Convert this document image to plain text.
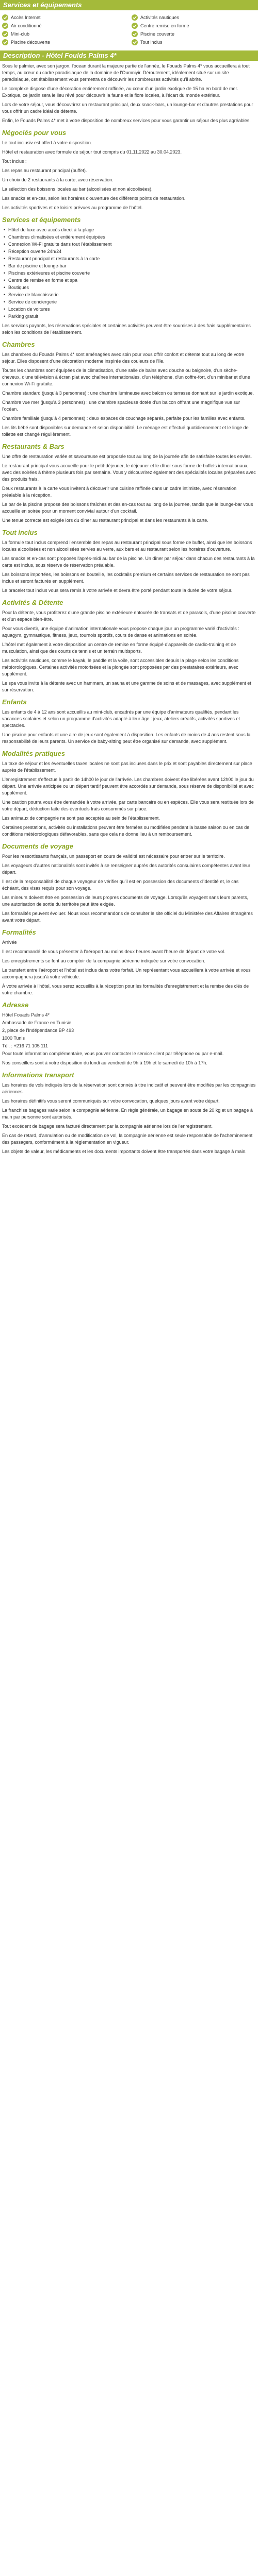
Services et équipements
Accès Internet	Activités nautiques
Air conditionné	Centre remise en forme
Mini-club	Piscine couverte
Piscine découverte	Tout inclus
Description - Hôtel Foulds Palms 4*

Sous le palmier, avec son jargon, l'ocean durant la majeure partie de l'année, le Fouads Palms 4* vous accueillera à tout temps, au cœur du cadre paradisiaque de la domaine de l'Oumniyir. Déroutement, idéalement situé sur un site paradisiaque, cet établissement vous permettra de découvrir les nombreuses activités qu'il abrite.

Le complexe dispose d'une décoration entièrement raffinée, au cœur d'un jardin exotique de 15 ha en bord de mer. Exotique, ce jardin sera le lieu rêvé pour découvrir la faune et la flore locales, à l'écart du monde extérieur.

Lors de votre séjour, vous découvrirez un restaurant principal, deux snack-bars, un lounge-bar et d'autres prestations pour vous offrir un cadre idéal de détente.

Enfin, le Fouads Palms 4* met à votre disposition de nombreux services pour vous garantir un séjour des plus agréables.

Négociés pour vous

Le tout inclusiv est offert à votre disposition.

Hôtel et restauration avec formule de séjour tout compris du 01.11.2022 au 30.04.2023.

Tout inclus :

Les repas au restaurant principal (buffet).

Un choix de 2 restaurants à la carte, avec réservation.

La sélection des boissons locales au bar (alcoolisées et non alcoolisées).

Les snacks et en-cas, selon les horaires d'ouverture des différents points de restauration.

Les activités sportives et de loisirs prévues au programme de l'hôtel.

Services et équipements
• Hôtel de luxe avec accès direct à la plage
• Chambres climatisées et entièrement équipées
• Connexion Wi-Fi gratuite dans tout l'établissement
• Réception ouverte 24h/24
• Restaurant principal et restaurants à la carte
• Bar de piscine et lounge-bar
• Piscines extérieures et piscine couverte
• Centre de remise en forme et spa
• Boutiques
• Service de blanchisserie
• Service de conciergerie
• Location de voitures
• Parking gratuit

Les services payants, les réservations spéciales et certaines activités peuvent être soumises à des frais supplémentaires selon les conditions de l'établissement.

Chambres

Les chambres du Fouads Palms 4* sont aménagées avec soin pour vous offrir confort et détente tout au long de votre séjour. Elles disposent d'une décoration moderne inspirée des couleurs de l'île.

Toutes les chambres sont équipées de la climatisation, d'une salle de bains avec douche ou baignoire, d'un sèche-cheveux, d'une télévision à écran plat avec chaînes internationales, d'un téléphone, d'un coffre-fort, d'un minibar et d'une connexion Wi-Fi gratuite.

Chambre standard (jusqu'à 3 personnes) : une chambre lumineuse avec balcon ou terrasse donnant sur le jardin exotique.

Chambre vue mer (jusqu'à 3 personnes) : une chambre spacieuse dotée d'un balcon offrant une magnifique vue sur l'océan.

Chambre familiale (jusqu'à 4 personnes) : deux espaces de couchage séparés, parfaite pour les familles avec enfants.

Les lits bébé sont disponibles sur demande et selon disponibilité. Le ménage est effectué quotidiennement et le linge de toilette est changé régulièrement.

Restaurants & Bars

Une offre de restauration variée et savoureuse est proposée tout au long de la journée afin de satisfaire toutes les envies.

Le restaurant principal vous accueille pour le petit-déjeuner, le déjeuner et le dîner sous forme de buffets internationaux, avec des soirées à thème plusieurs fois par semaine. Vous y découvrirez également des spécialités locales préparées avec des produits frais.

Deux restaurants à la carte vous invitent à découvrir une cuisine raffinée dans un cadre intimiste, avec réservation préalable à la réception.

Le bar de la piscine propose des boissons fraîches et des en-cas tout au long de la journée, tandis que le lounge-bar vous accueille en soirée pour un moment convivial autour d'un cocktail.

Une tenue correcte est exigée lors du dîner au restaurant principal et dans les restaurants à la carte.

Tout inclus

La formule tout inclus comprend l'ensemble des repas au restaurant principal sous forme de buffet, ainsi que les boissons locales alcoolisées et non alcoolisées servies au verre, aux bars et au restaurant selon les horaires d'ouverture.

Les snacks et en-cas sont proposés l'après-midi au bar de la piscine. Un dîner par séjour dans chacun des restaurants à la carte est inclus, sous réserve de réservation préalable.

Les boissons importées, les boissons en bouteille, les cocktails premium et certains services de restauration ne sont pas inclus et seront facturés en supplément.

Le bracelet tout inclus vous sera remis à votre arrivée et devra être porté pendant toute la durée de votre séjour.

Activités & Détente

Pour la détente, vous profiterez d'une grande piscine extérieure entourée de transats et de parasols, d'une piscine couverte et d'un espace bien-être.

Pour vous divertir, une équipe d'animation internationale vous propose chaque jour un programme varié d'activités : aquagym, gymnastique, fitness, jeux, tournois sportifs, cours de danse et animations en soirée.

L'hôtel met également à votre disposition un centre de remise en forme équipé d'appareils de cardio-training et de musculation, ainsi que des courts de tennis et un terrain multisports.

Les activités nautiques, comme le kayak, le paddle et la voile, sont accessibles depuis la plage selon les conditions météorologiques. Certaines activités motorisées et la plongée sont proposées par des prestataires extérieurs, avec supplément.

Le spa vous invite à la détente avec un hammam, un sauna et une gamme de soins et de massages, avec supplément et sur réservation.

Enfants

Les enfants de 4 à 12 ans sont accueillis au mini-club, encadrés par une équipe d'animateurs qualifiés, pendant les vacances scolaires et selon un programme d'activités adapté à leur âge : jeux, ateliers créatifs, activités sportives et spectacles.

Une piscine pour enfants et une aire de jeux sont également à disposition. Les enfants de moins de 4 ans restent sous la responsabilité de leurs parents. Un service de baby-sitting peut être organisé sur demande, avec supplément.

Modalités pratiques

La taxe de séjour et les éventuelles taxes locales ne sont pas incluses dans le prix et sont payables directement sur place auprès de l'établissement.

L'enregistrement s'effectue à partir de 14h00 le jour de l'arrivée. Les chambres doivent être libérées avant 12h00 le jour du départ. Une arrivée anticipée ou un départ tardif peuvent être accordés sur demande, sous réserve de disponibilité et avec supplément.

Une caution pourra vous être demandée à votre arrivée, par carte bancaire ou en espèces. Elle vous sera restituée lors de votre départ, déduction faite des éventuels frais consommés sur place.

Les animaux de compagnie ne sont pas acceptés au sein de l'établissement.

Certaines prestations, activités ou installations peuvent être fermées ou modifiées pendant la basse saison ou en cas de conditions météorologiques défavorables, sans que cela ne donne lieu à un remboursement.

Documents de voyage

Pour les ressortissants français, un passeport en cours de validité est nécessaire pour entrer sur le territoire.

Les voyageurs d'autres nationalités sont invités à se renseigner auprès des autorités consulaires compétentes avant leur départ.

Il est de la responsabilité de chaque voyageur de vérifier qu'il est en possession des documents d'identité et, le cas échéant, des visas requis pour son voyage.

Les mineurs doivent être en possession de leurs propres documents de voyage. Lorsqu'ils voyagent sans leurs parents, une autorisation de sortie du territoire peut être exigée.

Les formalités peuvent évoluer. Nous vous recommandons de consulter le site officiel du Ministère des Affaires étrangères avant votre départ.

Formalités

Arrivée

Il est recommandé de vous présenter à l'aéroport au moins deux heures avant l'heure de départ de votre vol.

Les enregistrements se font au comptoir de la compagnie aérienne indiquée sur votre convocation.

Le transfert entre l'aéroport et l'hôtel est inclus dans votre forfait. Un représentant vous accueillera à votre arrivée et vous accompagnera jusqu'à votre véhicule.

À votre arrivée à l'hôtel, vous serez accueillis à la réception pour les formalités d'enregistrement et la remise des clés de votre chambre.

Adresse

Hôtel Fouads Palms 4*

Ambassade de France en Tunisie

2, place de l'Indépendance BP 493

1000 Tunis

Tél. : +216 71 105 111

Pour toute information complémentaire, vous pouvez contacter le service client par téléphone ou par e-mail.

Nos conseillers sont à votre disposition du lundi au vendredi de 9h à 19h et le samedi de 10h à 17h.

Informations transport

Les horaires de vols indiqués lors de la réservation sont donnés à titre indicatif et peuvent être modifiés par les compagnies aériennes.

Les horaires définitifs vous seront communiqués sur votre convocation, quelques jours avant votre départ.

La franchise bagages varie selon la compagnie aérienne. En règle générale, un bagage en soute de 20 kg et un bagage à main par personne sont autorisés.

Tout excédent de bagage sera facturé directement par la compagnie aérienne lors de l'enregistrement.

En cas de retard, d'annulation ou de modification de vol, la compagnie aérienne est seule responsable de l'acheminement des passagers, conformément à la réglementation en vigueur.

Les objets de valeur, les médicaments et les documents importants doivent être transportés dans votre bagage à main.
